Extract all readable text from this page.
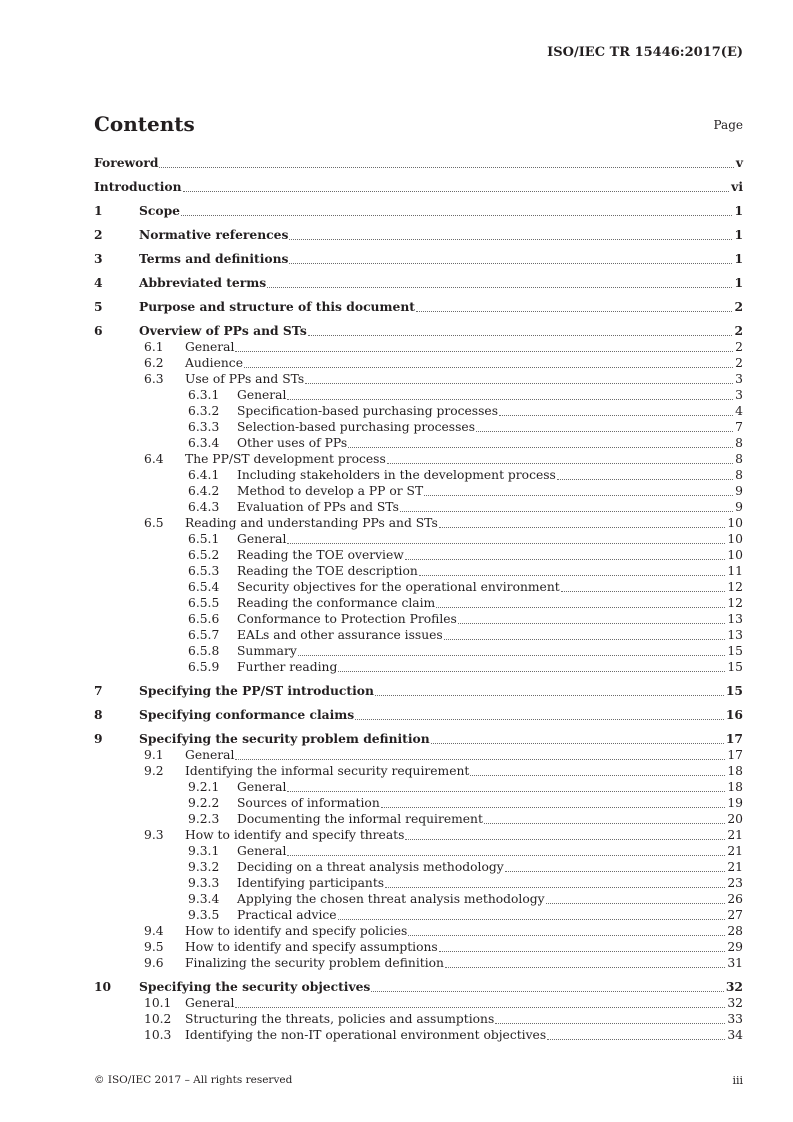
ISO/IEC TR 15446:2017(E)
Contents	Page
Foreword	v
Introduction	vi
1	Scope	1
2	Normative references	1
3	Terms and definitions	1
4	Abbreviated terms	1
5	Purpose and structure of this document	2
6	Overview of PPs and STs	2
6.1 General	2
6.2 Audience	2
6.3 Use of PPs and STs	3
6.3.1 General	3
6.3.2 Specification-based purchasing processes	4
6.3.3 Selection-based purchasing processes	7
6.3.4 Other uses of PPs	8
6.4 The PP/ST development process	8
6.4.1 Including stakeholders in the development process	8
6.4.2 Method to develop a PP or ST	9
6.4.3 Evaluation of PPs and STs	9
6.5 Reading and understanding PPs and STs	10
6.5.1 General	10
6.5.2 Reading the TOE overview	10
6.5.3 Reading the TOE description	11
6.5.4 Security objectives for the operational environment	12
6.5.5 Reading the conformance claim	12
6.5.6 Conformance to Protection Profiles	13
6.5.7 EALs and other assurance issues	13
6.5.8 Summary	15
6.5.9 Further reading	15
7	Specifying the PP/ST introduction	15
8	Specifying conformance claims	16
9	Specifying the security problem definition	17
9.1 General	17
9.2 Identifying the informal security requirement	18
9.2.1 General	18
9.2.2 Sources of information	19
9.2.3 Documenting the informal requirement	20
9.3 How to identify and specify threats	21
9.3.1 General	21
9.3.2 Deciding on a threat analysis methodology	21
9.3.3 Identifying participants	23
9.3.4 Applying the chosen threat analysis methodology	26
9.3.5 Practical advice	27
9.4 How to identify and specify policies	28
9.5 How to identify and specify assumptions	29
9.6 Finalizing the security problem definition	31
10 Specifying the security objectives	32
10.1 General	32
10.2 Structuring the threats, policies and assumptions	33
10.3 Identifying the non-IT operational environment objectives	34
© ISO/IEC 2017 – All rights reserved	iii
